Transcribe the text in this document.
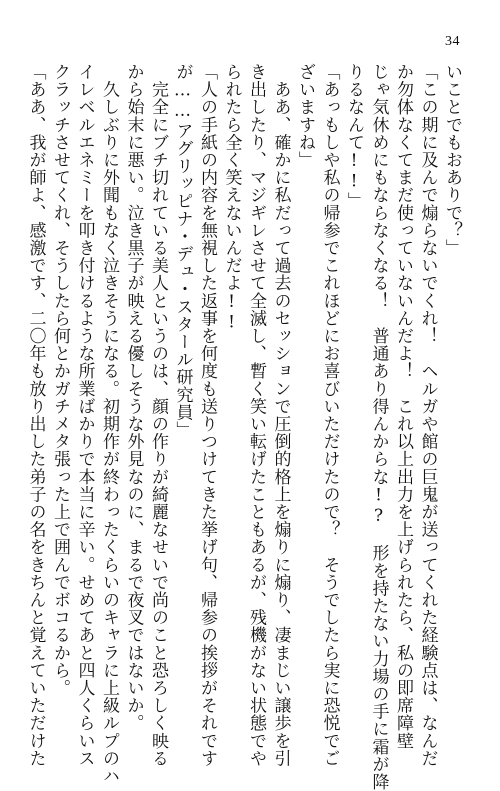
34

いことでもおありで？」

「この期に及んで煽らないでくれ！　ヘルガや館の巨鬼が送ってくれた経験点は、なんだ

か勿体なくてまだ使っていないんだよ！　これ以上出力を上げられたら、私の即席障壁

じゃ気休めにもならなくなる！　普通あり得んからな!?　形を持たない力場の手に霜が降

りるなんて!!」

「あっもしや私の帰参でこれほどにお喜びいただけたので？　そうでしたら実に恐悦でご

ざいますね」

　ああ、確かに私だって過去のセッションで圧倒的格上を煽りに煽り、凄まじい譲歩を引

き出したり、マジギレさせて全滅し、暫く笑い転げたこともあるが、残機がない状態でや

られたら全く笑えないんだよ!!

「人の手紙の内容を無視した返事を何度も送りつけてきた挙げ句、帰参の挨拶がそれです

が……アグリッピナ・デュ・スタール研究員」

　完全にブチ切れている美人というのは、顔の作りが綺麗なせいで尚のこと恐ろしく映る

から始末に悪い。泣き黒子が映える優しそうな外見なのに、まるで夜叉ではないか。

　久しぶりに外聞もなく泣きそうになる。初期作が終わったくらいのキャラに上級ルプのハ

イレベルエネミーを叩き付けるような所業ばかりで本当に辛い。せめてあと四人くらいス

クラッチさせてくれ、そうしたら何とかガチメタ張った上で囲んでボコるから。

「ああ、我が師よ、感激です、二〇年も放り出した弟子の名をきちんと覚えていただけた
